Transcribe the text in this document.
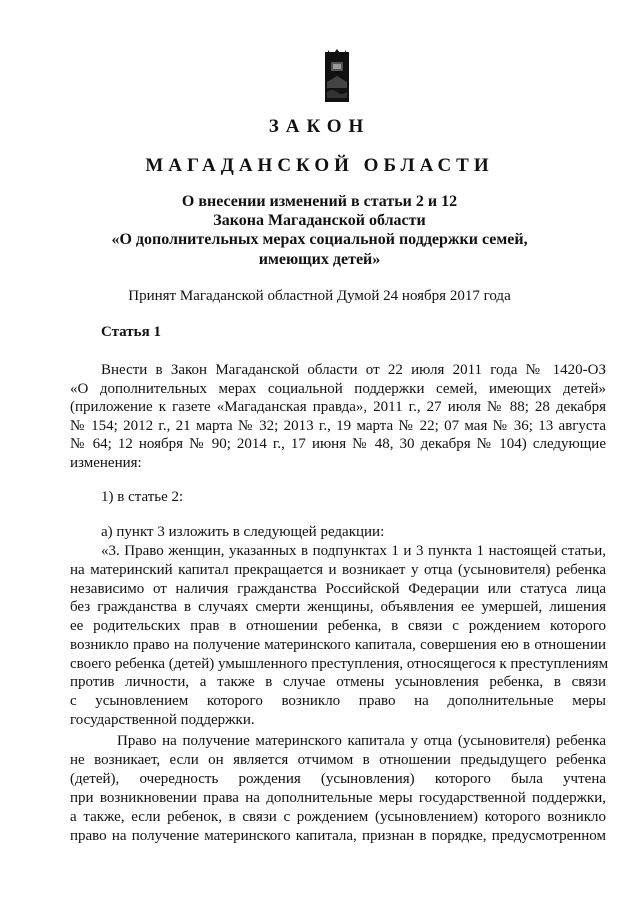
ЗАКОН

МАГАДАНСКОЙ ОБЛАСТИ

О внесении изменений в статьи 2 и 12

Закона Магаданской области

«О дополнительных мерах социальной поддержки семей,

имеющих детей»

Принят Магаданской областной Думой 24 ноября 2017 года

Статья 1

Внести в Закон Магаданской области от 22 июля 2011 года № 1420-ОЗ

«О дополнительных мерах социальной поддержки семей, имеющих детей»

(приложение к газете «Магаданская правда», 2011 г., 27 июля № 88; 28 декабря

№ 154; 2012 г., 21 марта № 32; 2013 г., 19 марта № 22; 07 мая № 36; 13 августа

№ 64; 12 ноября № 90; 2014 г., 17 июня № 48, 30 декабря № 104) следующие

изменения:

1) в статье 2:

а) пункт 3 изложить в следующей редакции:

«3. Право женщин, указанных в подпунктах 1 и 3 пункта 1 настоящей статьи,

на материнский капитал прекращается и возникает у отца (усыновителя) ребенка

независимо от наличия гражданства Российской Федерации или статуса лица

без гражданства в случаях смерти женщины, объявления ее умершей, лишения

ее родительских прав в отношении ребенка, в связи с рождением которого

возникло право на получение материнского капитала, совершения ею в отношении

своего ребенка (детей) умышленного преступления, относящегося к преступлениям

против личности, а также в случае отмены усыновления ребенка, в связи

с усыновлением которого возникло право на дополнительные меры

государственной поддержки.

Право на получение материнского капитала у отца (усыновителя) ребенка

не возникает, если он является отчимом в отношении предыдущего ребенка

(детей), очередность рождения (усыновления) которого была учтена

при возникновении права на дополнительные меры государственной поддержки,

а также, если ребенок, в связи с рождением (усыновлением) которого возникло

право на получение материнского капитала, признан в порядке, предусмотренном
